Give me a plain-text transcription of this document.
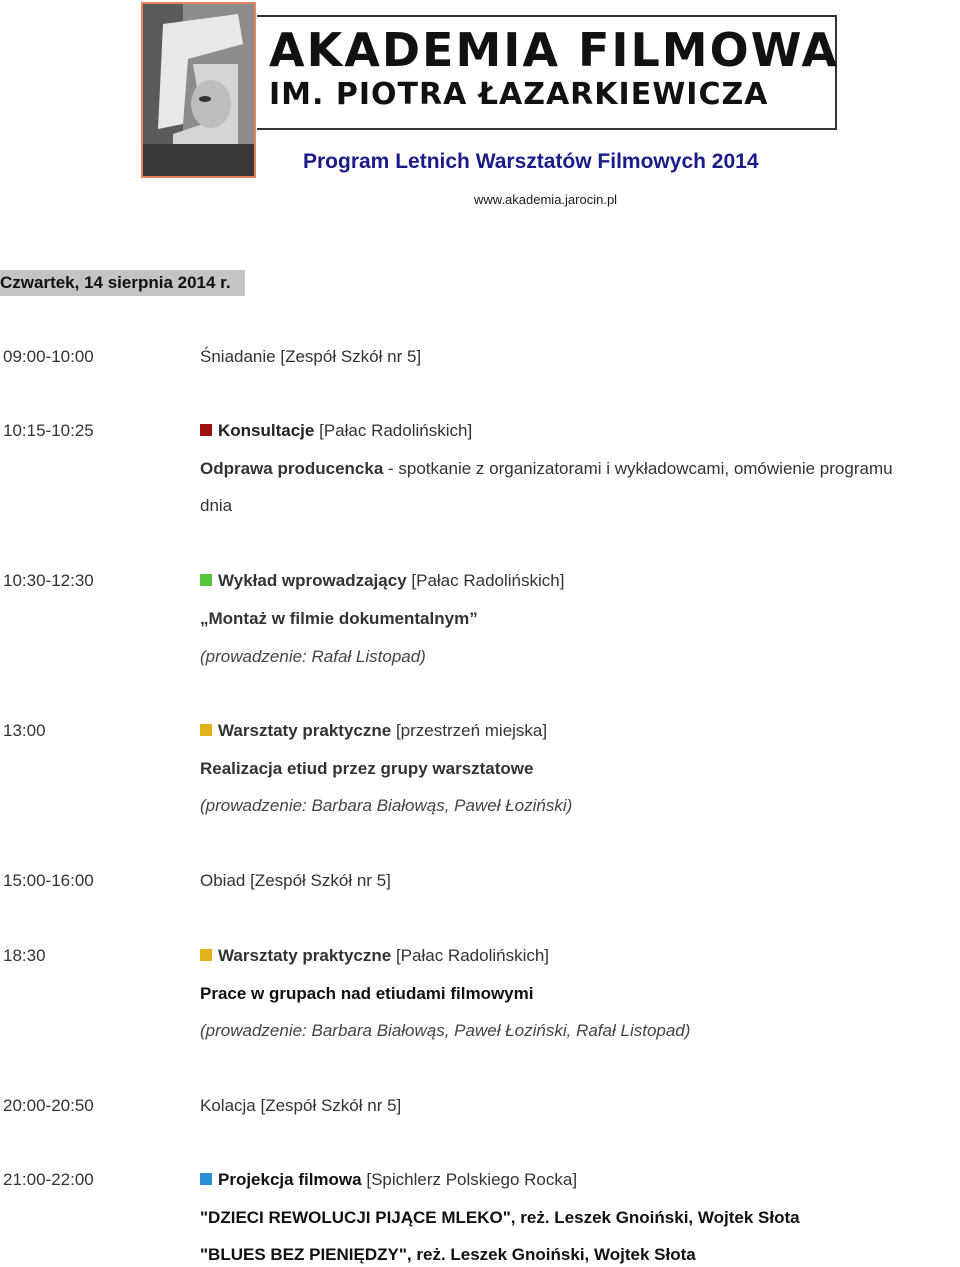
AKADEMIA FILMOWA
IM. PIOTRA ŁAZARKIEWICZA
Program Letnich Warsztatów Filmowych 2014
www.akademia.jarocin.pl
Czwartek, 14 sierpnia 2014 r.
09:00-10:00	Śniadanie [Zespół Szkół nr 5]
10:15-10:25	Konsultacje [Pałac Radolińskich]
Odprawa producencka - spotkanie z organizatorami i wykładowcami, omówienie programu
dnia
10:30-12:30	Wykład wprowadzający [Pałac Radolińskich]
„Montaż w filmie dokumentalnym”
(prowadzenie: Rafał Listopad)
13:00	Warsztaty praktyczne [przestrzeń miejska]
Realizacja etiud przez grupy warsztatowe
(prowadzenie: Barbara Białowąs, Paweł Łoziński)
15:00-16:00	Obiad [Zespół Szkół nr 5]
18:30	Warsztaty praktyczne [Pałac Radolińskich]
Prace w grupach nad etiudami filmowymi
(prowadzenie: Barbara Białowąs, Paweł Łoziński, Rafał Listopad)
20:00-20:50	Kolacja [Zespół Szkół nr 5]
21:00-22:00	Projekcja filmowa [Spichlerz Polskiego Rocka]
"DZIECI REWOLUCJI PIJĄCE MLEKO", reż. Leszek Gnoiński, Wojtek Słota
"BLUES BEZ PIENIĘDZY", reż. Leszek Gnoiński, Wojtek Słota
